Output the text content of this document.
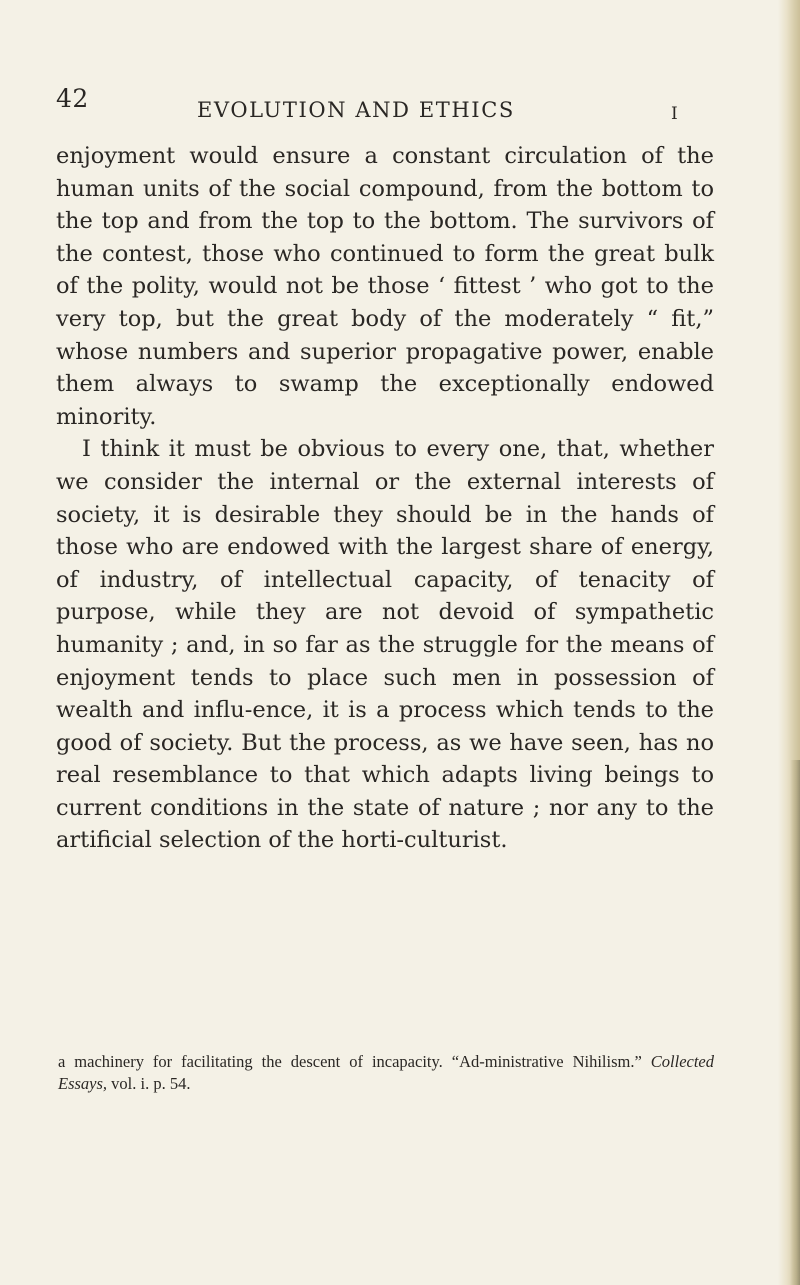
42	EVOLUTION AND ETHICS	I

enjoyment would ensure a constant circulation of the human units of the social compound, from the bottom to the top and from the top to the bottom. The survivors of the contest, those who continued to form the great bulk of the polity, would not be those ‘ fittest ’ who got to the very top, but the great body of the moderately “ fit,” whose numbers and superior propagative power, enable them always to swamp the exceptionally endowed minority.

I think it must be obvious to every one, that, whether we consider the internal or the external interests of society, it is desirable they should be in the hands of those who are endowed with the largest share of energy, of industry, of intellectual capacity, of tenacity of purpose, while they are not devoid of sympathetic humanity ; and, in so far as the struggle for the means of enjoyment tends to place such men in possession of wealth and influ-ence, it is a process which tends to the good of society. But the process, as we have seen, has no real resemblance to that which adapts living beings to current conditions in the state of nature ; nor any to the artificial selection of the horti-culturist.

a machinery for facilitating the descent of incapacity. “Ad-ministrative Nihilism.” Collected Essays, vol. i. p. 54.
